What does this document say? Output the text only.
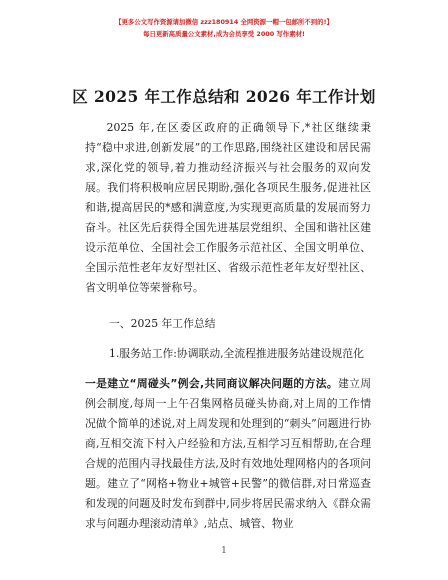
【更多公文写作资源请加微信 zzz180914 全网资源一帽一包邮所不到的!】
每日更新高质量公文素材,成为会员享受 2000 写作素材!
区 2025 年工作总结和 2026 年工作计划

2025 年,在区委区政府的正确领导下,*社区继续秉持“稳中求进,创新发展”的工作思路,围绕社区建设和居民需求,深化党的领导,着力推动经济振兴与社会服务的双向发展。我们将积极响应居民期盼,强化各项民生服务,促进社区和谐,提高居民的*感和满意度,为实现更高质量的发展而努力奋斗。社区先后获得全国先进基层党组织、全国和谐社区建设示范单位、全国社会工作服务示范社区、全国文明单位、全国示范性老年友好型社区、省级示范性老年友好型社区、省文明单位等荣誉称号。

一、2025 年工作总结
1.服务站工作:协调联动,全流程推进服务站建设规范化

一是建立“周碰头”例会,共同商议解决问题的方法。建立周例会制度,每周一上午召集网格员碰头协商,对上周的工作情况做个简单的述说,对上周发现和处理到的“刺头”问题进行协商,互相交流下村入户经验和方法,互相学习互相帮助,在合理合规的范围内寻找最佳方法,及时有效地处理网格内的各项问题。建立了“网格+物业+城管+民警”的微信群,对日常巡查和发现的问题及时发布到群中,同步将居民需求纳入《群众需求与问题办理滚动清单》,站点、城管、物业

1
